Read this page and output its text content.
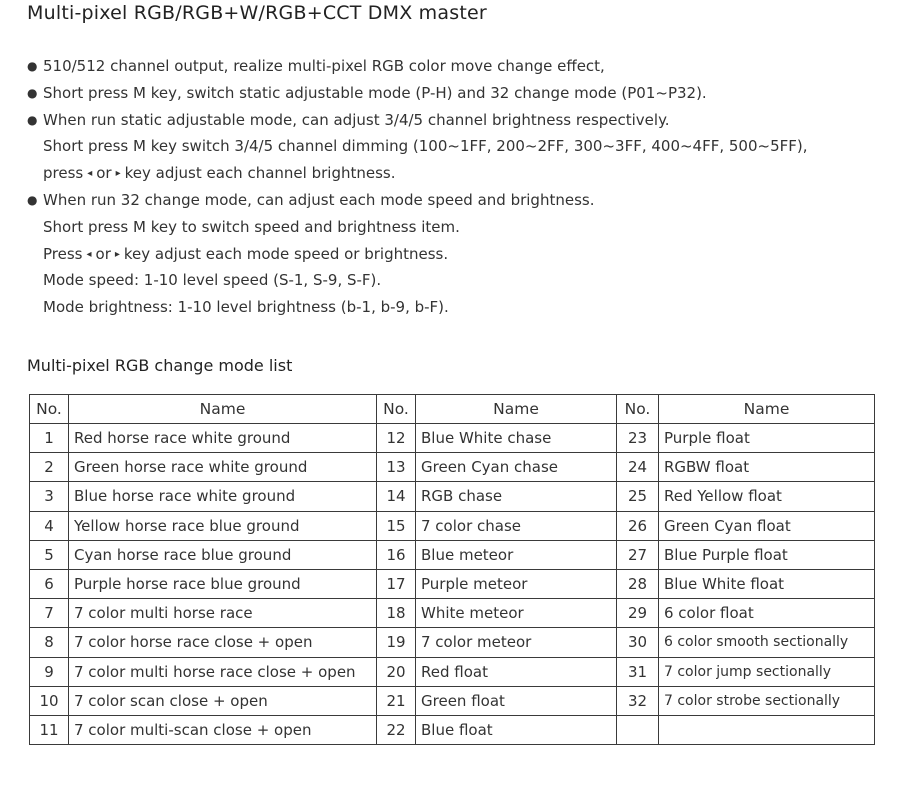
Multi-pixel RGB/RGB+W/RGB+CCT DMX master
● 510/512 channel output, realize multi-pixel RGB color move change effect,
● Short press M key, switch static adjustable mode (P-H) and 32 change mode (P01~P32).
● When run static adjustable mode, can adjust 3/4/5 channel brightness respectively.
Short press M key switch 3/4/5 channel dimming (100~1FF, 200~2FF, 300~3FF, 400~4FF, 500~5FF),
press ◂ or ▸ key adjust each channel brightness.
● When run 32 change mode, can adjust each mode speed and brightness.
Short press M key to switch speed and brightness item.
Press ◂ or ▸ key adjust each mode speed or brightness.
Mode speed: 1-10 level speed (S-1, S-9, S-F).
Mode brightness: 1-10 level brightness (b-1, b-9, b-F).
Multi-pixel RGB change mode list
No.	Name	No.	Name	No.	Name
1	Red horse race white ground	12	Blue White chase	23	Purple float
2	Green horse race white ground	13	Green Cyan chase	24	RGBW float
3	Blue horse race white ground	14	RGB chase	25	Red Yellow float
4	Yellow horse race blue ground	15	7 color chase	26	Green Cyan float
5	Cyan horse race blue ground	16	Blue meteor	27	Blue Purple float
6	Purple horse race blue ground	17	Purple meteor	28	Blue White float
7	7 color multi horse race	18	White meteor	29	6 color float
8	7 color horse race close + open	19	7 color meteor	30	6 color smooth sectionally
9	7 color multi horse race close + open	20	Red float	31	7 color jump sectionally
10	7 color scan close + open	21	Green float	32	7 color strobe sectionally
11	7 color multi-scan close + open	22	Blue float		
